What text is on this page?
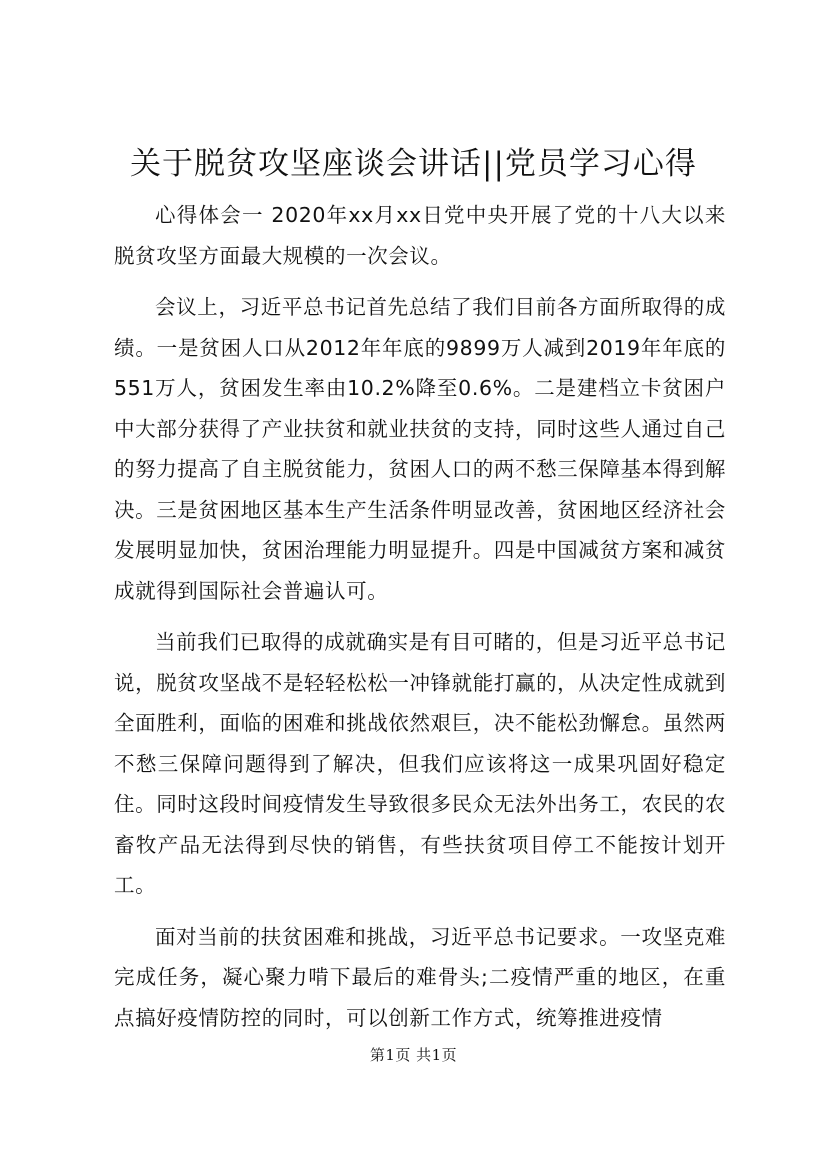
关于脱贫攻坚座谈会讲话||党员学习心得

心得体会一 2020年xx月xx日党中央开展了党的十八大以来脱贫攻坚方面最大规模的一次会议。

会议上，习近平总书记首先总结了我们目前各方面所取得的成绩。一是贫困人口从2012年年底的9899万人减到2019年年底的551万人，贫困发生率由10.2%降至0.6%。二是建档立卡贫困户中大部分获得了产业扶贫和就业扶贫的支持，同时这些人通过自己的努力提高了自主脱贫能力，贫困人口的两不愁三保障基本得到解决。三是贫困地区基本生产生活条件明显改善，贫困地区经济社会发展明显加快，贫困治理能力明显提升。四是中国减贫方案和减贫成就得到国际社会普遍认可。

当前我们已取得的成就确实是有目可睹的，但是习近平总书记说，脱贫攻坚战不是轻轻松松一冲锋就能打赢的，从决定性成就到全面胜利，面临的困难和挑战依然艰巨，决不能松劲懈怠。虽然两不愁三保障问题得到了解决，但我们应该将这一成果巩固好稳定住。同时这段时间疫情发生导致很多民众无法外出务工，农民的农畜牧产品无法得到尽快的销售，有些扶贫项目停工不能按计划开工。

面对当前的扶贫困难和挑战，习近平总书记要求。一攻坚克难完成任务，凝心聚力啃下最后的难骨头;二疫情严重的地区，在重点搞好疫情防控的同时，可以创新工作方式，统筹推进疫情

第1页 共1页
